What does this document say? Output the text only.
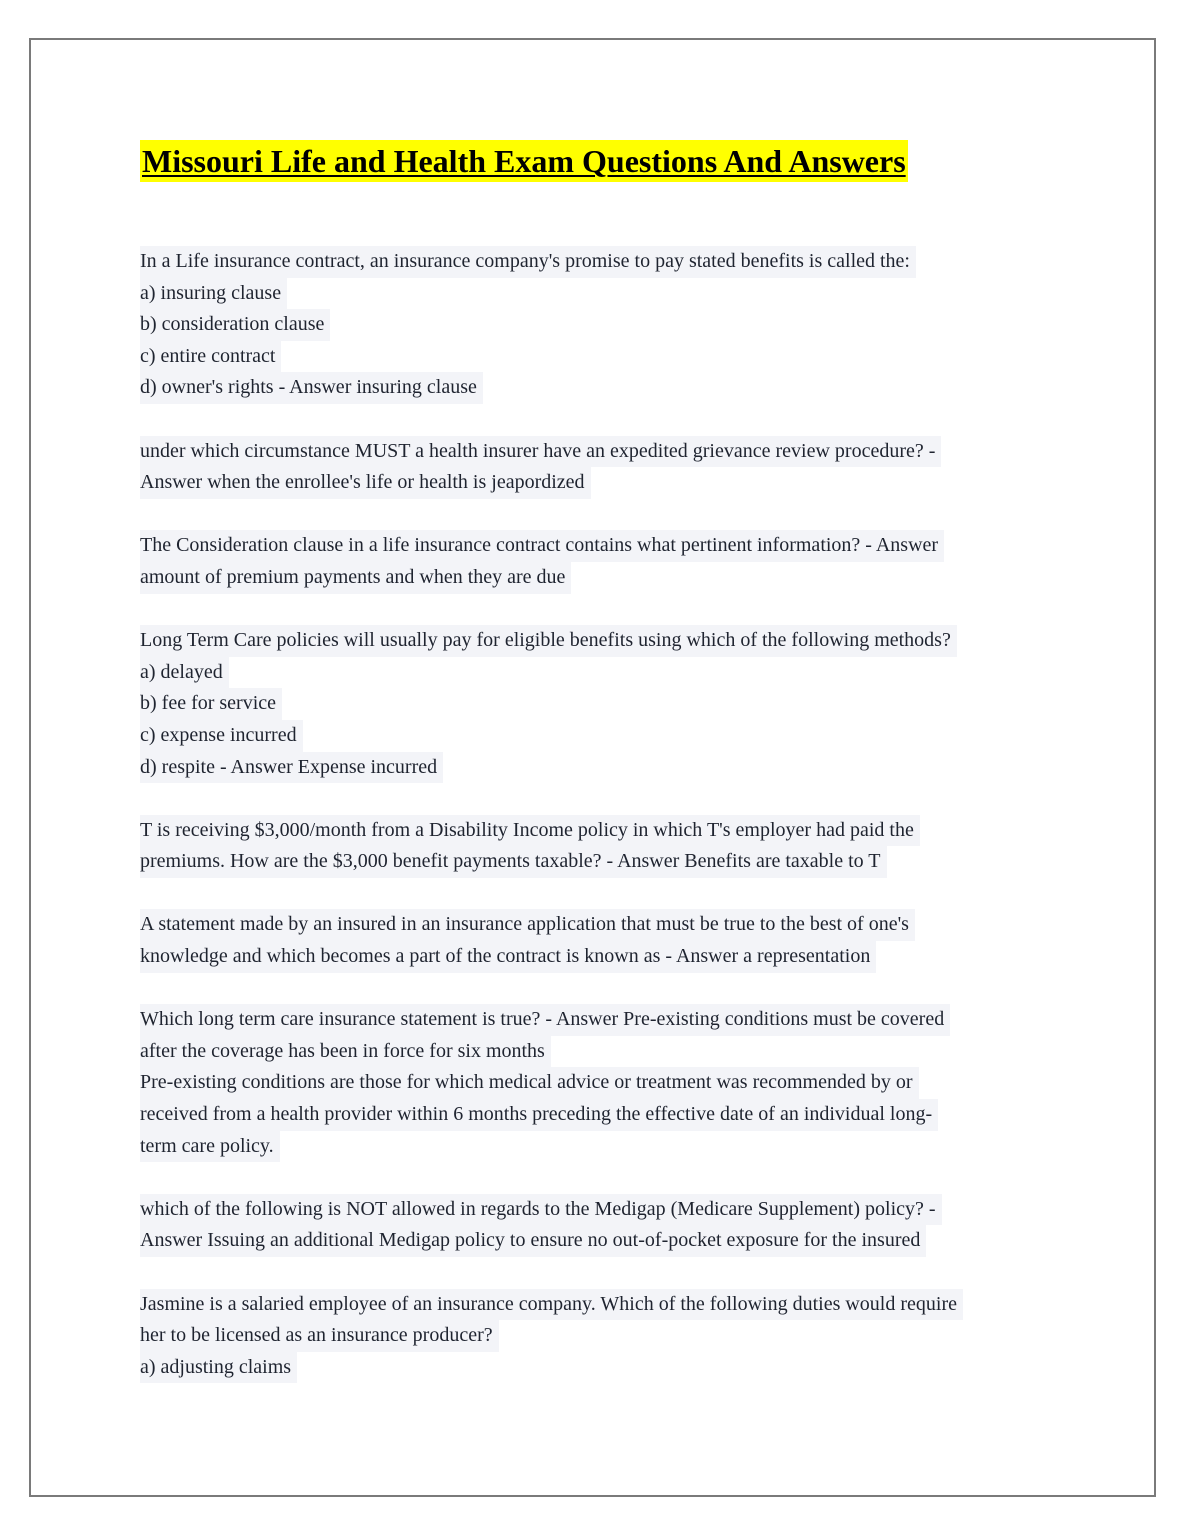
Missouri Life and Health Exam Questions And Answers
In a Life insurance contract, an insurance company's promise to pay stated benefits is called the:
a) insuring clause
b) consideration clause
c) entire contract
d) owner's rights - Answer insuring clause
under which circumstance MUST a health insurer have an expedited grievance review procedure? -
Answer when the enrollee's life or health is jeapordized
The Consideration clause in a life insurance contract contains what pertinent information? - Answer
amount of premium payments and when they are due
Long Term Care policies will usually pay for eligible benefits using which of the following methods?
a) delayed
b) fee for service
c) expense incurred
d) respite - Answer Expense incurred
T is receiving $3,000/month from a Disability Income policy in which T's employer had paid the
premiums. How are the $3,000 benefit payments taxable? - Answer Benefits are taxable to T
A statement made by an insured in an insurance application that must be true to the best of one's
knowledge and which becomes a part of the contract is known as - Answer a representation
Which long term care insurance statement is true? - Answer Pre-existing conditions must be covered
after the coverage has been in force for six months
Pre-existing conditions are those for which medical advice or treatment was recommended by or
received from a health provider within 6 months preceding the effective date of an individual long-
term care policy.
which of the following is NOT allowed in regards to the Medigap (Medicare Supplement) policy? -
Answer Issuing an additional Medigap policy to ensure no out-of-pocket exposure for the insured
Jasmine is a salaried employee of an insurance company. Which of the following duties would require
her to be licensed as an insurance producer?
a) adjusting claims
